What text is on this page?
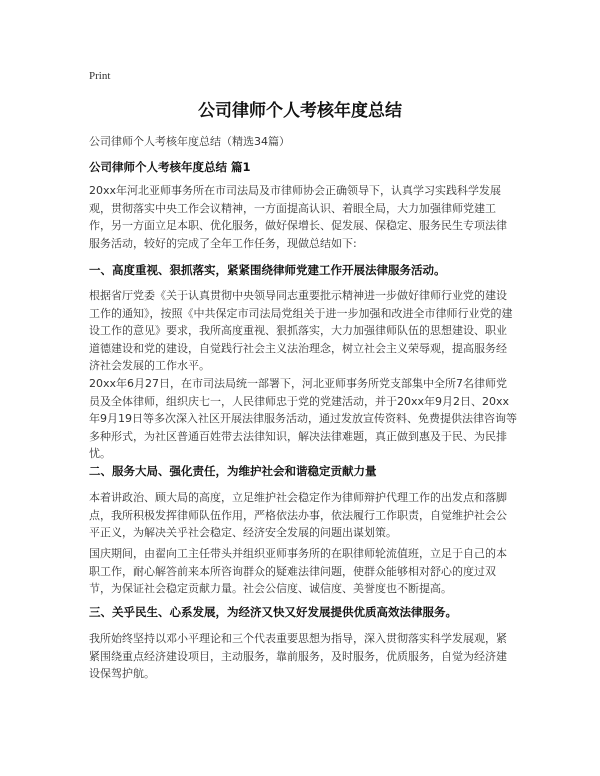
Print
公司律师个人考核年度总结
公司律师个人考核年度总结（精选34篇）
公司律师个人考核年度总结 篇1

20xx年河北亚师事务所在市司法局及市律师协会正确领导下，认真学习实践科学发展观，贯彻落实中央工作会议精神，一方面提高认识、着眼全局，大力加强律师党建工作，另一方面立足本职、优化服务，做好保增长、促发展、保稳定、服务民生专项法律服务活动，较好的完成了全年工作任务，现做总结如下:

一、高度重视、狠抓落实，紧紧围绕律师党建工作开展法律服务活动。

根据省厅党委《关于认真贯彻中央领导同志重要批示精神进一步做好律师行业党的建设工作的通知》，按照《中共保定市司法局党组关于进一步加强和改进全市律师行业党的建设工作的意见》要求，我所高度重视、狠抓落实，大力加强律师队伍的思想建设、职业道德建设和党的建设，自觉践行社会主义法治理念，树立社会主义荣辱观，提高服务经济社会发展的工作水平。

20xx年6月27日，在市司法局统一部署下，河北亚师事务所党支部集中全所7名律师党员及全体律师，组织庆七一，人民律师忠于党的党建活动，并于20xx年9月2日、20xx年9月19日等多次深入社区开展法律服务活动，通过发放宣传资料、免费提供法律咨询等多种形式，为社区普通百姓带去法律知识，解决法律难题，真正做到惠及于民、为民排忧。

二、服务大局、强化责任，为维护社会和谐稳定贡献力量

本着讲政治、顾大局的高度，立足维护社会稳定作为律师辩护代理工作的出发点和落脚点，我所积极发挥律师队伍作用，严格依法办事，依法履行工作职责，自觉维护社会公平正义，为解决关乎社会稳定、经济安全发展的问题出谋划策。

国庆期间，由翟向工主任带头并组织亚师事务所的在职律师轮流值班，立足于自己的本职工作，耐心解答前来本所咨询群众的疑难法律问题，使群众能够相对舒心的度过双节，为保证社会稳定贡献力量。社会公信度、诚信度、美誉度也不断提高。

三、关乎民生、心系发展，为经济又快又好发展提供优质高效法律服务。

我所始终坚持以邓小平理论和三个代表重要思想为指导，深入贯彻落实科学发展观，紧紧围绕重点经济建设项目，主动服务，靠前服务，及时服务，优质服务，自觉为经济建设保驾护航。
